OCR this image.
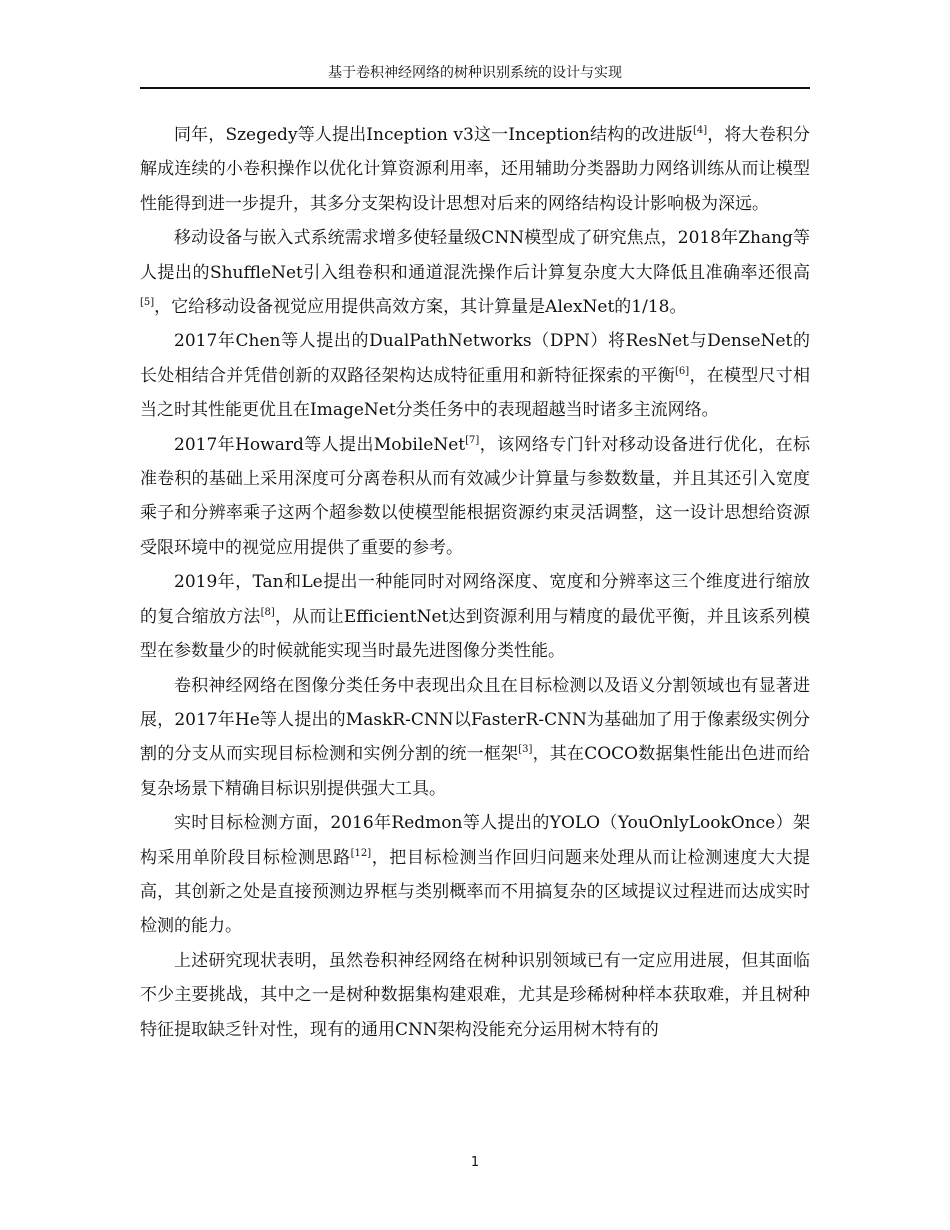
基于卷积神经网络的树种识别系统的设计与实现

同年，Szegedy等人提出Inception v3这一Inception结构的改进版[4]，将大卷积分解成连续的小卷积操作以优化计算资源利用率，还用辅助分类器助力网络训练从而让模型性能得到进一步提升，其多分支架构设计思想对后来的网络结构设计影响极为深远。

移动设备与嵌入式系统需求增多使轻量级CNN模型成了研究焦点，2018年Zhang等人提出的ShuffleNet引入组卷积和通道混洗操作后计算复杂度大大降低且准确率还很高[5]，它给移动设备视觉应用提供高效方案，其计算量是AlexNet的1/18。

2017年Chen等人提出的DualPathNetworks（DPN）将ResNet与DenseNet的长处相结合并凭借创新的双路径架构达成特征重用和新特征探索的平衡[6]，在模型尺寸相当之时其性能更优且在ImageNet分类任务中的表现超越当时诸多主流网络。

2017年Howard等人提出MobileNet[7]，该网络专门针对移动设备进行优化，在标准卷积的基础上采用深度可分离卷积从而有效减少计算量与参数数量，并且其还引入宽度乘子和分辨率乘子这两个超参数以使模型能根据资源约束灵活调整，这一设计思想给资源受限环境中的视觉应用提供了重要的参考。

2019年，Tan和Le提出一种能同时对网络深度、宽度和分辨率这三个维度进行缩放的复合缩放方法[8]，从而让EfficientNet达到资源利用与精度的最优平衡，并且该系列模型在参数量少的时候就能实现当时最先进图像分类性能。

卷积神经网络在图像分类任务中表现出众且在目标检测以及语义分割领域也有显著进展，2017年He等人提出的MaskR-CNN以FasterR-CNN为基础加了用于像素级实例分割的分支从而实现目标检测和实例分割的统一框架[3]，其在COCO数据集性能出色进而给复杂场景下精确目标识别提供强大工具。

实时目标检测方面，2016年Redmon等人提出的YOLO（YouOnlyLookOnce）架构采用单阶段目标检测思路[12]，把目标检测当作回归问题来处理从而让检测速度大大提高，其创新之处是直接预测边界框与类别概率而不用搞复杂的区域提议过程进而达成实时检测的能力。

上述研究现状表明，虽然卷积神经网络在树种识别领域已有一定应用进展，但其面临不少主要挑战，其中之一是树种数据集构建艰难，尤其是珍稀树种样本获取难，并且树种特征提取缺乏针对性，现有的通用CNN架构没能充分运用树木特有的

1
